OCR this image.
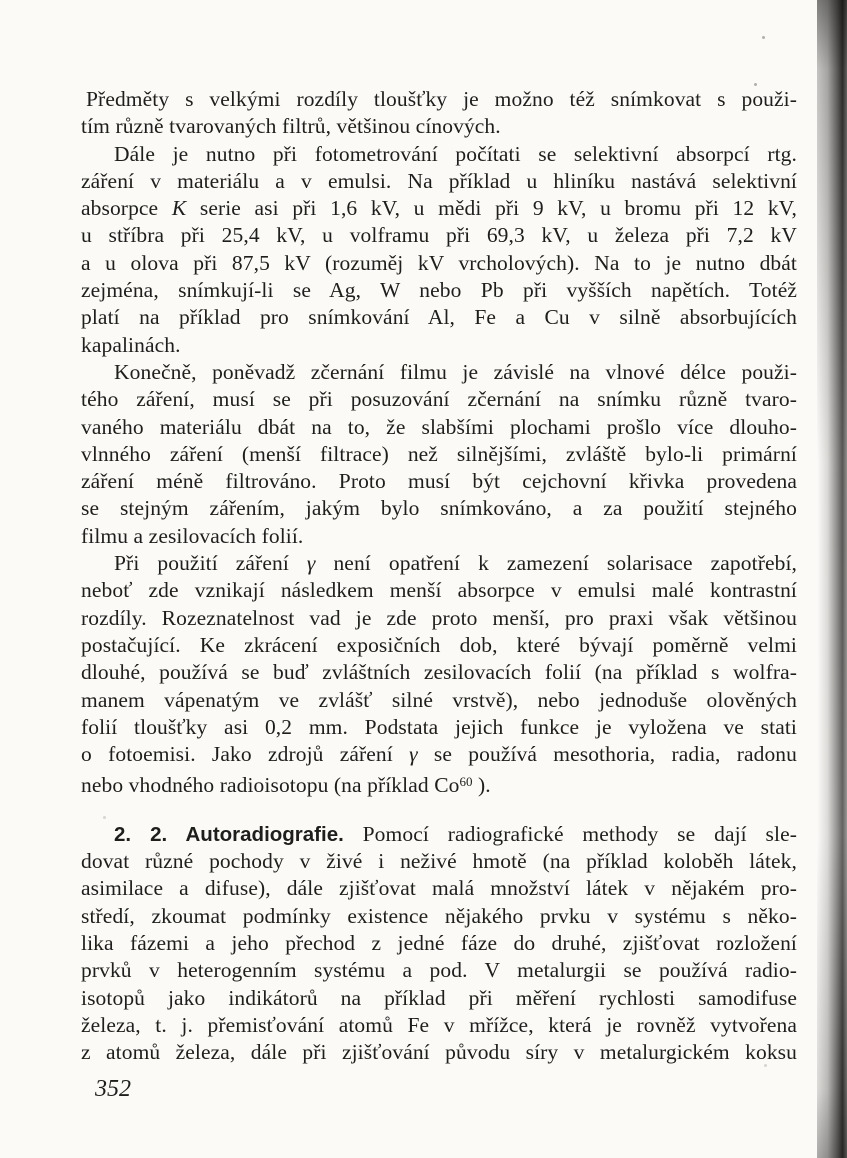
Předměty s velkými rozdíly tloušťky je možno též snímkovat s použi-
tím různě tvarovaných filtrů, většinou cínových.

Dále je nutno při fotometrování počítati se selektivní absorpcí rtg.
záření v materiálu a v emulsi. Na příklad u hliníku nastává selektivní
absorpce K serie asi při 1,6 kV, u mědi při 9 kV, u bromu při 12 kV,
u stříbra při 25,4 kV, u volframu při 69,3 kV, u železa při 7,2 kV
a u olova při 87,5 kV (rozuměj kV vrcholových). Na to je nutno dbát
zejména, snímkují-li se Ag, W nebo Pb při vyšších napětích. Totéž
platí na příklad pro snímkování Al, Fe a Cu v silně absorbujících
kapalinách.

Konečně, poněvadž zčernání filmu je závislé na vlnové délce použi-
tého záření, musí se při posuzování zčernání na snímku různě tvaro-
vaného materiálu dbát na to, že slabšími plochami prošlo více dlouho-
vlnného záření (menší filtrace) než silnějšími, zvláště bylo-li primární
záření méně filtrováno. Proto musí být cejchovní křivka provedena
se stejným zářením, jakým bylo snímkováno, a za použití stejného
filmu a zesilovacích folií.

Při použití záření γ není opatření k zamezení solarisace zapotřebí,
neboť zde vznikají následkem menší absorpce v emulsi malé kontrastní
rozdíly. Rozeznatelnost vad je zde proto menší, pro praxi však většinou
postačující. Ke zkrácení exposičních dob, které bývají poměrně velmi
dlouhé, používá se buď zvláštních zesilovacích folií (na příklad s wolfra-
manem vápenatým ve zvlášť silné vrstvě), nebo jednoduše olověných
folií tloušťky asi 0,2 mm. Podstata jejich funkce je vyložena ve stati
o fotoemisi. Jako zdrojů záření γ se používá mesothoria, radia, radonu
nebo vhodného radioisotopu (na příklad Co$^{60}$ ).

2. 2. Autoradiografie. Pomocí radiografické methody se dají sle-
dovat různé pochody v živé i neživé hmotě (na příklad koloběh látek,
asimilace a difuse), dále zjišťovat malá množství látek v nějakém pro-
středí, zkoumat podmínky existence nějakého prvku v systému s něko-
lika fázemi a jeho přechod z jedné fáze do druhé, zjišťovat rozložení
prvků v heterogenním systému a pod. V metalurgii se používá radio-
isotopů jako indikátorů na příklad při měření rychlosti samodifuse
železa, t. j. přemisťování atomů Fe v mřížce, která je rovněž vytvořena
z atomů železa, dále při zjišťování původu síry v metalurgickém koksu

352
